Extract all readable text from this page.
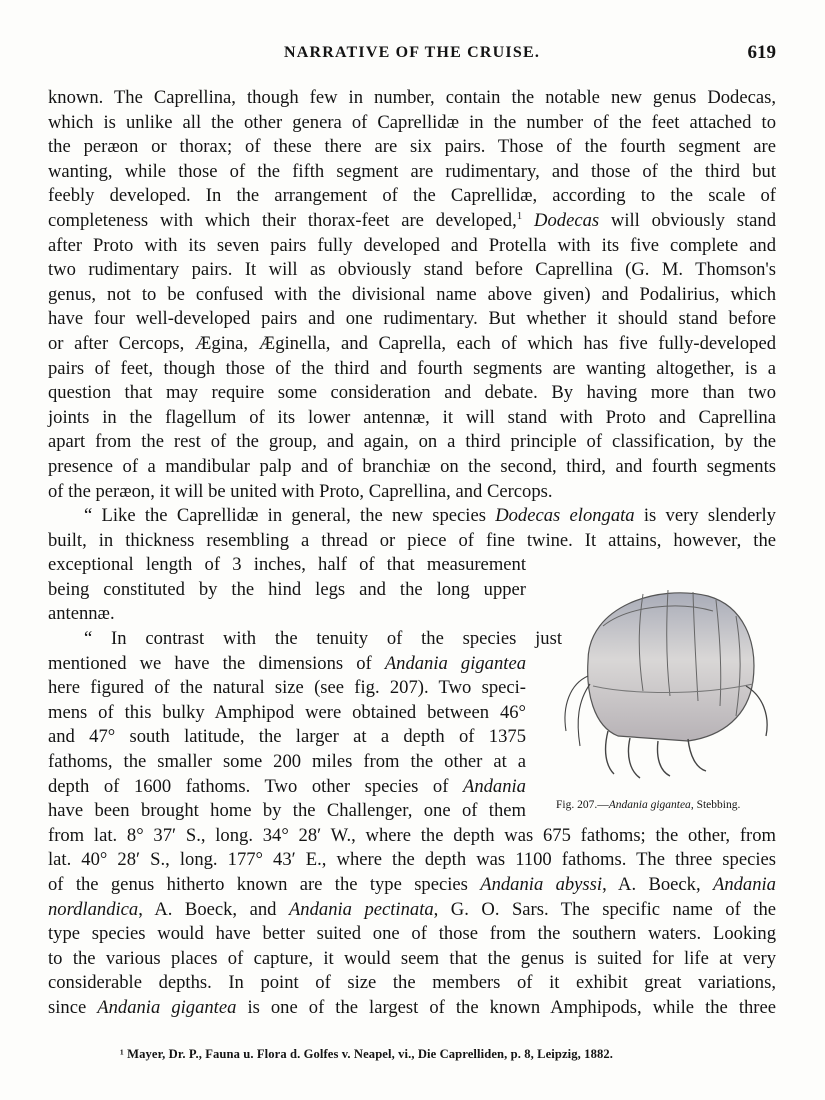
NARRATIVE OF THE CRUISE.	619
known. The Caprellina, though few in number, contain the notable new genus Dodecas,
which is unlike all the other genera of Caprellidæ in the number of the feet attached to
the peræon or thorax; of these there are six pairs. Those of the fourth segment are
wanting, while those of the fifth segment are rudimentary, and those of the third but
feebly developed. In the arrangement of the Caprellidæ, according to the scale of
completeness with which their thorax-feet are developed,$^1$ Dodecas will obviously stand
after Proto with its seven pairs fully developed and Protella with its five complete and
two rudimentary pairs. It will as obviously stand before Caprellina (G. M. Thomson's
genus, not to be confused with the divisional name above given) and Podalirius, which
have four well-developed pairs and one rudimentary. But whether it should stand before
or after Cercops, Ægina, Æginella, and Caprella, each of which has five fully-developed
pairs of feet, though those of the third and fourth segments are wanting altogether, is a
question that may require some consideration and debate. By having more than two
joints in the flagellum of its lower antennæ, it will stand with Proto and Caprellina
apart from the rest of the group, and again, on a third principle of classification, by the
presence of a mandibular palp and of branchiæ on the second, third, and fourth segments
of the peræon, it will be united with Proto, Caprellina, and Cercops.
“ Like the Caprellidæ in general, the new species Dodecas elongata is very slenderly
built, in thickness resembling a thread or piece of fine twine. It attains, however, the
exceptional length of 3 inches, half of that measurement
being constituted by the hind legs and the long upper
antennæ.
“ In contrast with the tenuity of the species just
mentioned we have the dimensions of Andania gigantea
here figured of the natural size (see fig. 207). Two speci-
mens of this bulky Amphipod were obtained between 46°
and 47° south latitude, the larger at a depth of 1375
fathoms, the smaller some 200 miles from the other at a
depth of 1600 fathoms. Two other species of Andania
have been brought home by the Challenger, one of them
from lat. 8° 37′ S., long. 34° 28′ W., where the depth was 675 fathoms; the other, from
lat. 40° 28′ S., long. 177° 43′ E., where the depth was 1100 fathoms. The three species
of the genus hitherto known are the type species Andania abyssi, A. Boeck, Andania
nordlandica, A. Boeck, and Andania pectinata, G. O. Sars. The specific name of the
type species would have better suited one of those from the southern waters. Looking
to the various places of capture, it would seem that the genus is suited for life at very
considerable depths. In point of size the members of it exhibit great variations,
since Andania gigantea is one of the largest of the known Amphipods, while the three
Fig. 207.—Andania gigantea, Stebbing.
¹ Mayer, Dr. P., Fauna u. Flora d. Golfes v. Neapel, vi., Die Caprelliden, p. 8, Leipzig, 1882.
